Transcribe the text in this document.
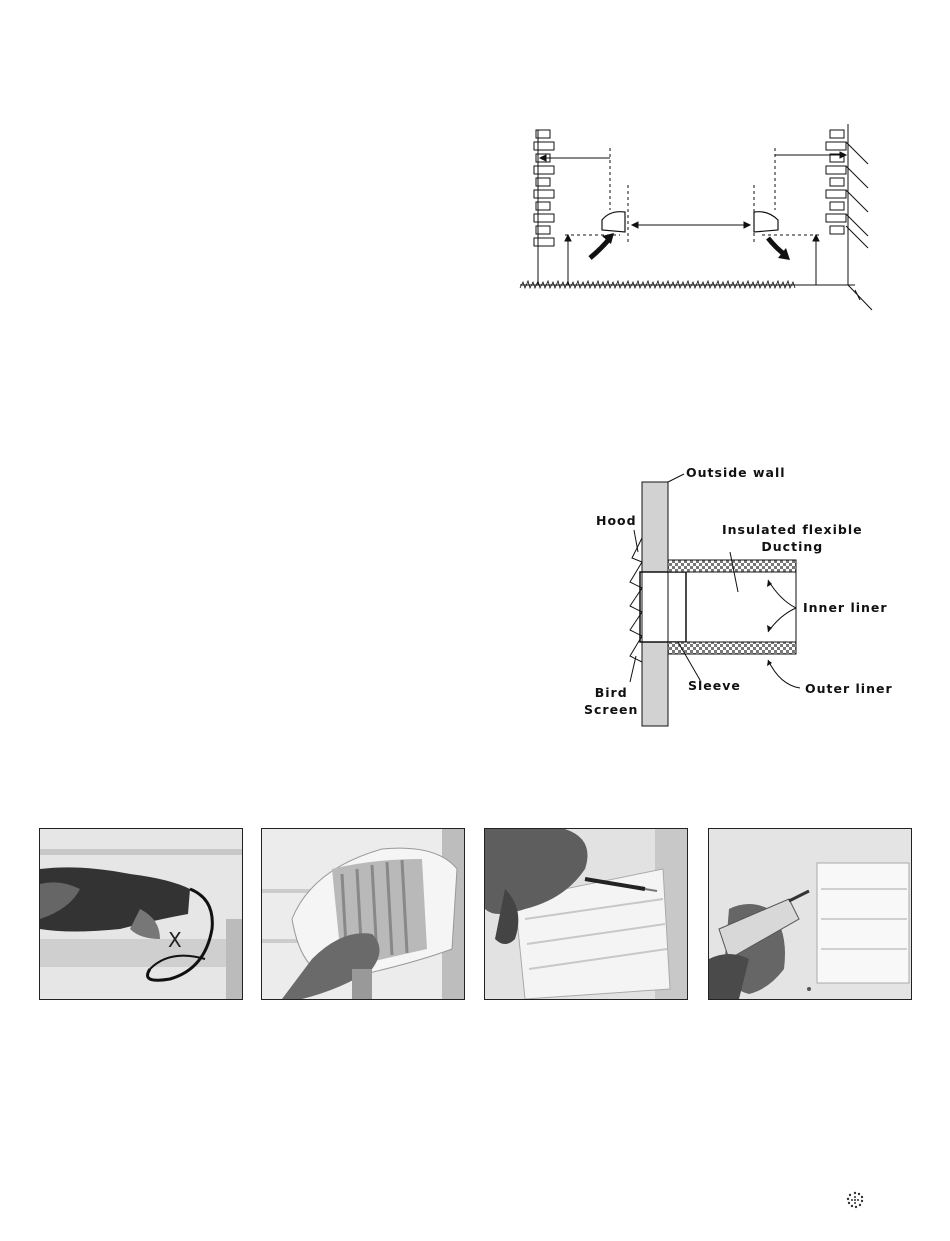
Outside wall
Hood
Insulated flexible
Ducting
Inner liner
Outer liner
Sleeve
Bird
Screen
X
